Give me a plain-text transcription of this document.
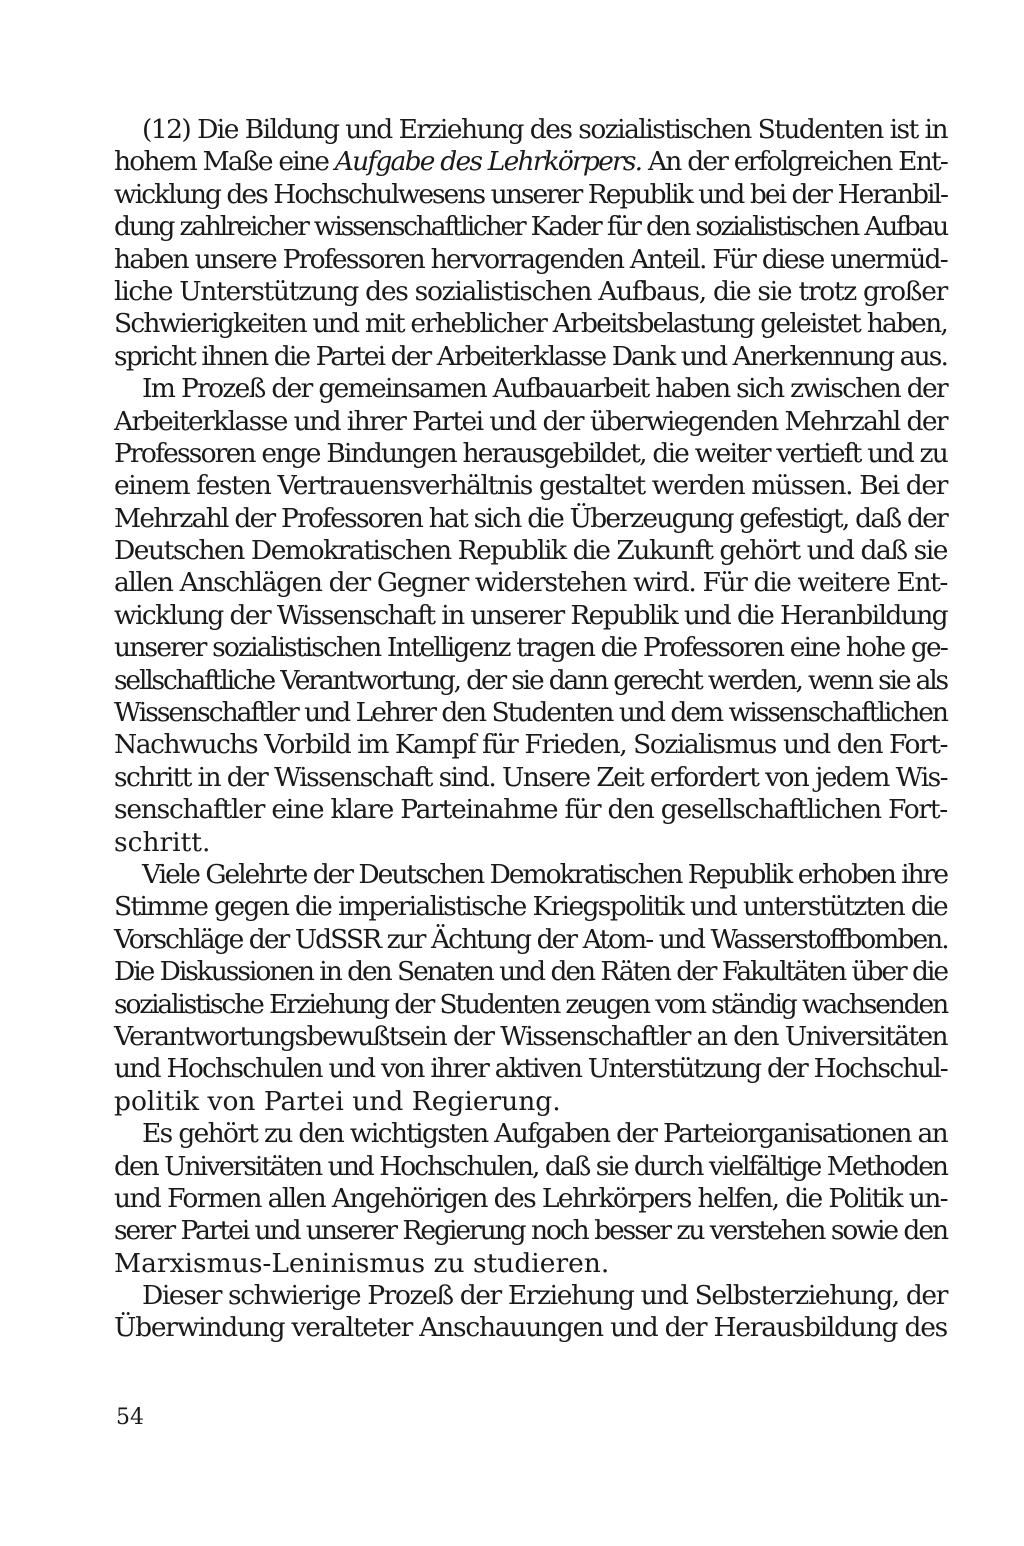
(12) Die Bildung und Erziehung des sozialistischen Studenten ist in
hohem Maße eine Aufgabe des Lehrkörpers. An der erfolgreichen Ent-
wicklung des Hochschulwesens unserer Republik und bei der Heranbil-
dung zahlreicher wissenschaftlicher Kader für den sozialistischen Aufbau
haben unsere Professoren hervorragenden Anteil. Für diese unermüd-
liche Unterstützung des sozialistischen Aufbaus, die sie trotz großer
Schwierigkeiten und mit erheblicher Arbeitsbelastung geleistet haben,
spricht ihnen die Partei der Arbeiterklasse Dank und Anerkennung aus.
Im Prozeß der gemeinsamen Aufbauarbeit haben sich zwischen der
Arbeiterklasse und ihrer Partei und der überwiegenden Mehrzahl der
Professoren enge Bindungen herausgebildet, die weiter vertieft und zu
einem festen Vertrauensverhältnis gestaltet werden müssen. Bei der
Mehrzahl der Professoren hat sich die Überzeugung gefestigt, daß der
Deutschen Demokratischen Republik die Zukunft gehört und daß sie
allen Anschlägen der Gegner widerstehen wird. Für die weitere Ent-
wicklung der Wissenschaft in unserer Republik und die Heranbildung
unserer sozialistischen Intelligenz tragen die Professoren eine hohe ge-
sellschaftliche Verantwortung, der sie dann gerecht werden, wenn sie als
Wissenschaftler und Lehrer den Studenten und dem wissenschaftlichen
Nachwuchs Vorbild im Kampf für Frieden, Sozialismus und den Fort-
schritt in der Wissenschaft sind. Unsere Zeit erfordert von jedem Wis-
senschaftler eine klare Parteinahme für den gesellschaftlichen Fort-
schritt.
Viele Gelehrte der Deutschen Demokratischen Republik erhoben ihre
Stimme gegen die imperialistische Kriegspolitik und unterstützten die
Vorschläge der UdSSR zur Ächtung der Atom- und Wasserstoffbomben.
Die Diskussionen in den Senaten und den Räten der Fakultäten über die
sozialistische Erziehung der Studenten zeugen vom ständig wachsenden
Verantwortungsbewußtsein der Wissenschaftler an den Universitäten
und Hochschulen und von ihrer aktiven Unterstützung der Hochschul-
politik von Partei und Regierung.
Es gehört zu den wichtigsten Aufgaben der Parteiorganisationen an
den Universitäten und Hochschulen, daß sie durch vielfältige Methoden
und Formen allen Angehörigen des Lehrkörpers helfen, die Politik un-
serer Partei und unserer Regierung noch besser zu verstehen sowie den
Marxismus-Leninismus zu studieren.
Dieser schwierige Prozeß der Erziehung und Selbsterziehung, der
Überwindung veralteter Anschauungen und der Herausbildung des
54
